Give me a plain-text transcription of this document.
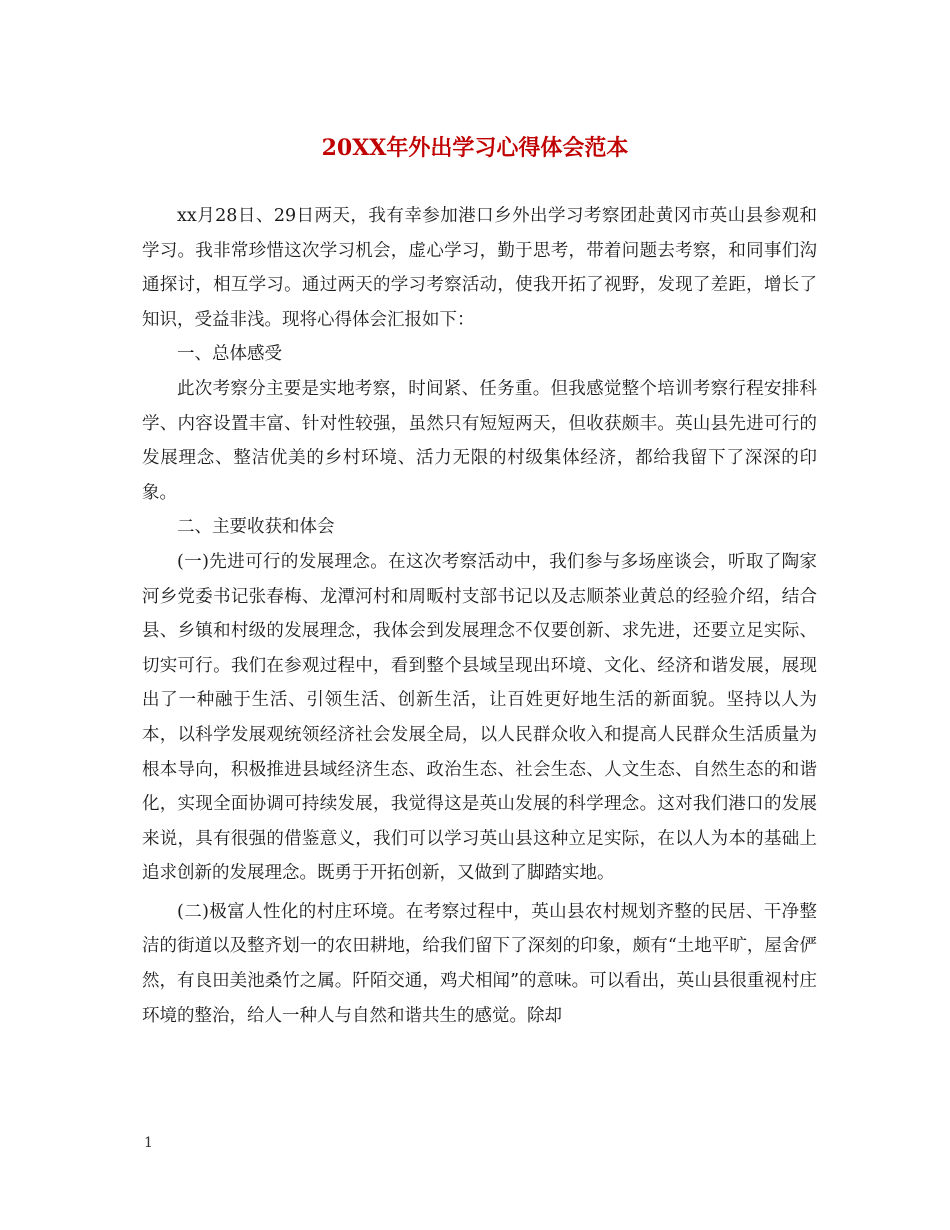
20XX年外出学习心得体会范本

xx月28日、29日两天，我有幸参加港口乡外出学习考察团赴黄冈市英山县参观和学习。我非常珍惜这次学习机会，虚心学习，勤于思考，带着问题去考察，和同事们沟通探讨，相互学习。通过两天的学习考察活动，使我开拓了视野，发现了差距，增长了知识，受益非浅。现将心得体会汇报如下：

一、总体感受

此次考察分主要是实地考察，时间紧、任务重。但我感觉整个培训考察行程安排科学、内容设置丰富、针对性较强，虽然只有短短两天，但收获颇丰。英山县先进可行的发展理念、整洁优美的乡村环境、活力无限的村级集体经济，都给我留下了深深的印象。

二、主要收获和体会

(一)先进可行的发展理念。在这次考察活动中，我们参与多场座谈会，听取了陶家河乡党委书记张春梅、龙潭河村和周畈村支部书记以及志顺茶业黄总的经验介绍，结合县、乡镇和村级的发展理念，我体会到发展理念不仅要创新、求先进，还要立足实际、切实可行。我们在参观过程中，看到整个县域呈现出环境、文化、经济和谐发展，展现出了一种融于生活、引领生活、创新生活，让百姓更好地生活的新面貌。坚持以人为本，以科学发展观统领经济社会发展全局，以人民群众收入和提高人民群众生活质量为根本导向，积极推进县域经济生态、政治生态、社会生态、人文生态、自然生态的和谐化，实现全面协调可持续发展，我觉得这是英山发展的科学理念。这对我们港口的发展来说，具有很强的借鉴意义，我们可以学习英山县这种立足实际，在以人为本的基础上追求创新的发展理念。既勇于开拓创新，又做到了脚踏实地。

(二)极富人性化的村庄环境。在考察过程中，英山县农村规划齐整的民居、干净整洁的街道以及整齐划一的农田耕地，给我们留下了深刻的印象，颇有“土地平旷，屋舍俨然，有良田美池桑竹之属。阡陌交通，鸡犬相闻”的意味。可以看出，英山县很重视村庄环境的整治，给人一种人与自然和谐共生的感觉。除却

1
